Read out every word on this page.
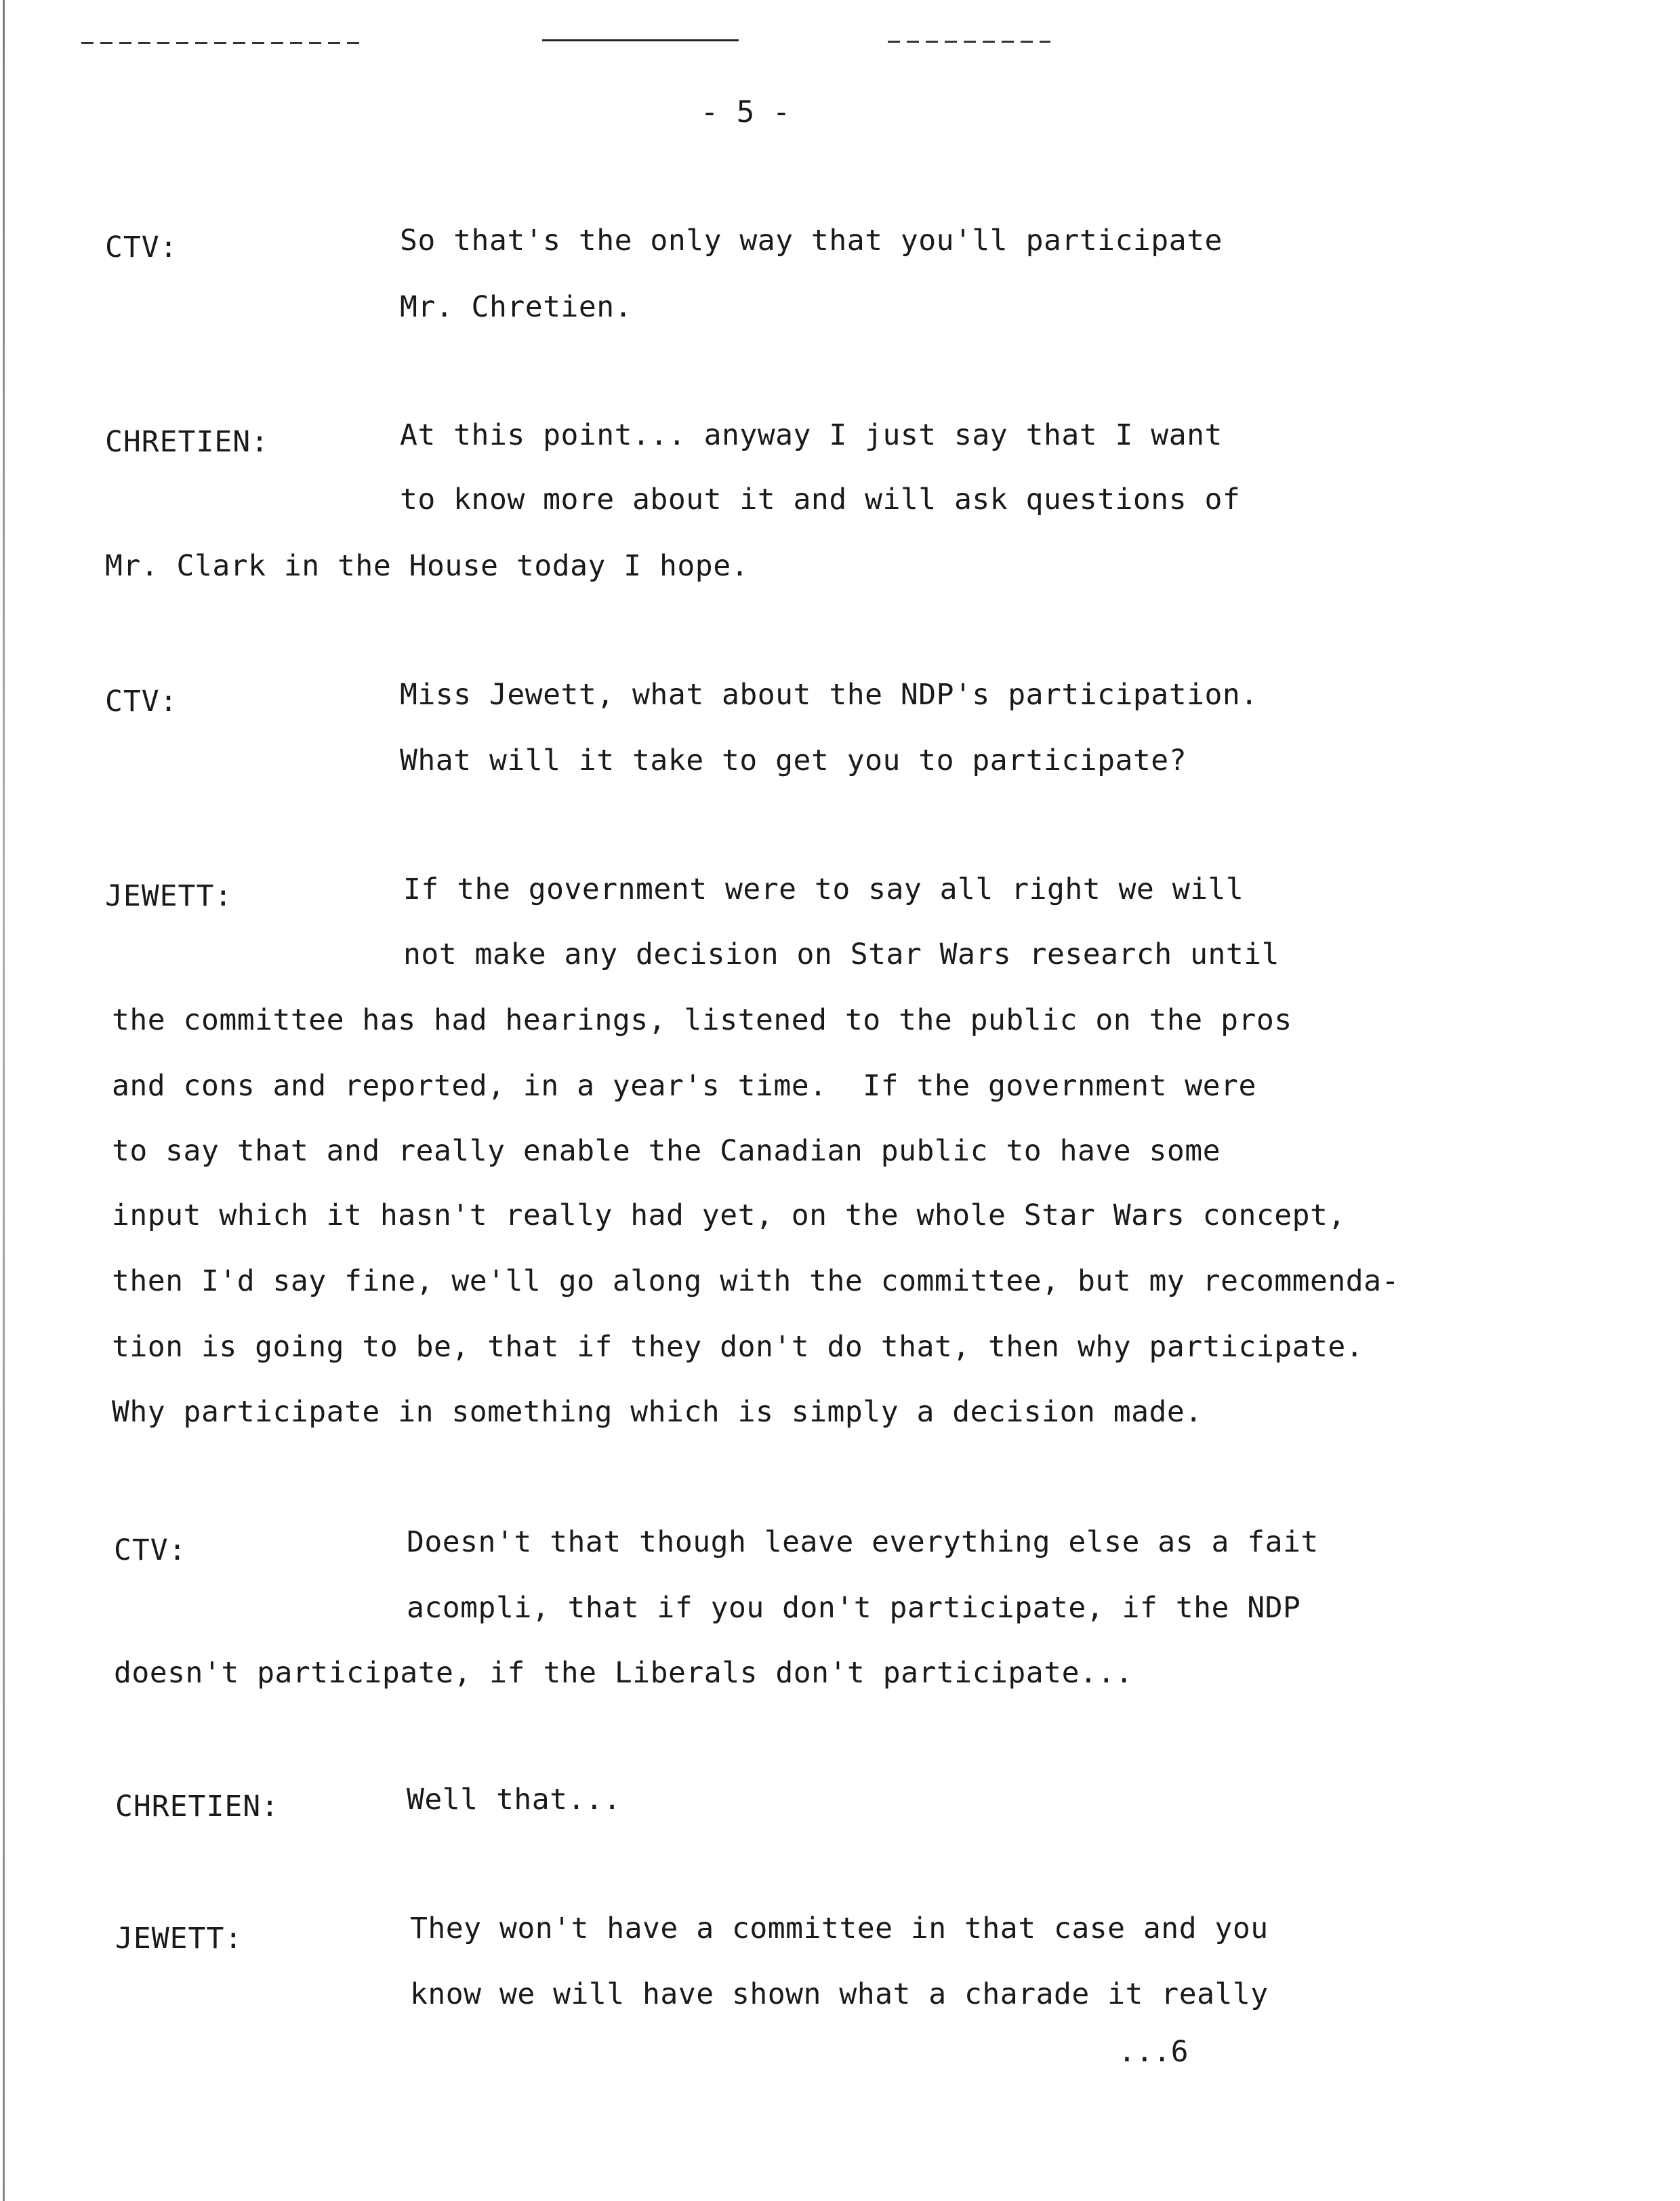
- 5 -
CTV:	So that's the only way that you'll participate
Mr. Chretien.
CHRETIEN:	At this point... anyway I just say that I want
to know more about it and will ask questions of
Mr. Clark in the House today I hope.
CTV:	Miss Jewett, what about the NDP's participation.
What will it take to get you to participate?
JEWETT:	If the government were to say all right we will
not make any decision on Star Wars research until
the committee has had hearings, listened to the public on the pros
and cons and reported, in a year's time.  If the government were
to say that and really enable the Canadian public to have some
input which it hasn't really had yet, on the whole Star Wars concept,
then I'd say fine, we'll go along with the committee, but my recommenda-
tion is going to be, that if they don't do that, then why participate.
Why participate in something which is simply a decision made.
CTV:	Doesn't that though leave everything else as a fait
acompli, that if you don't participate, if the NDP
doesn't participate, if the Liberals don't participate...
CHRETIEN:	Well that...
JEWETT:	They won't have a committee in that case and you
know we will have shown what a charade it really
...6
